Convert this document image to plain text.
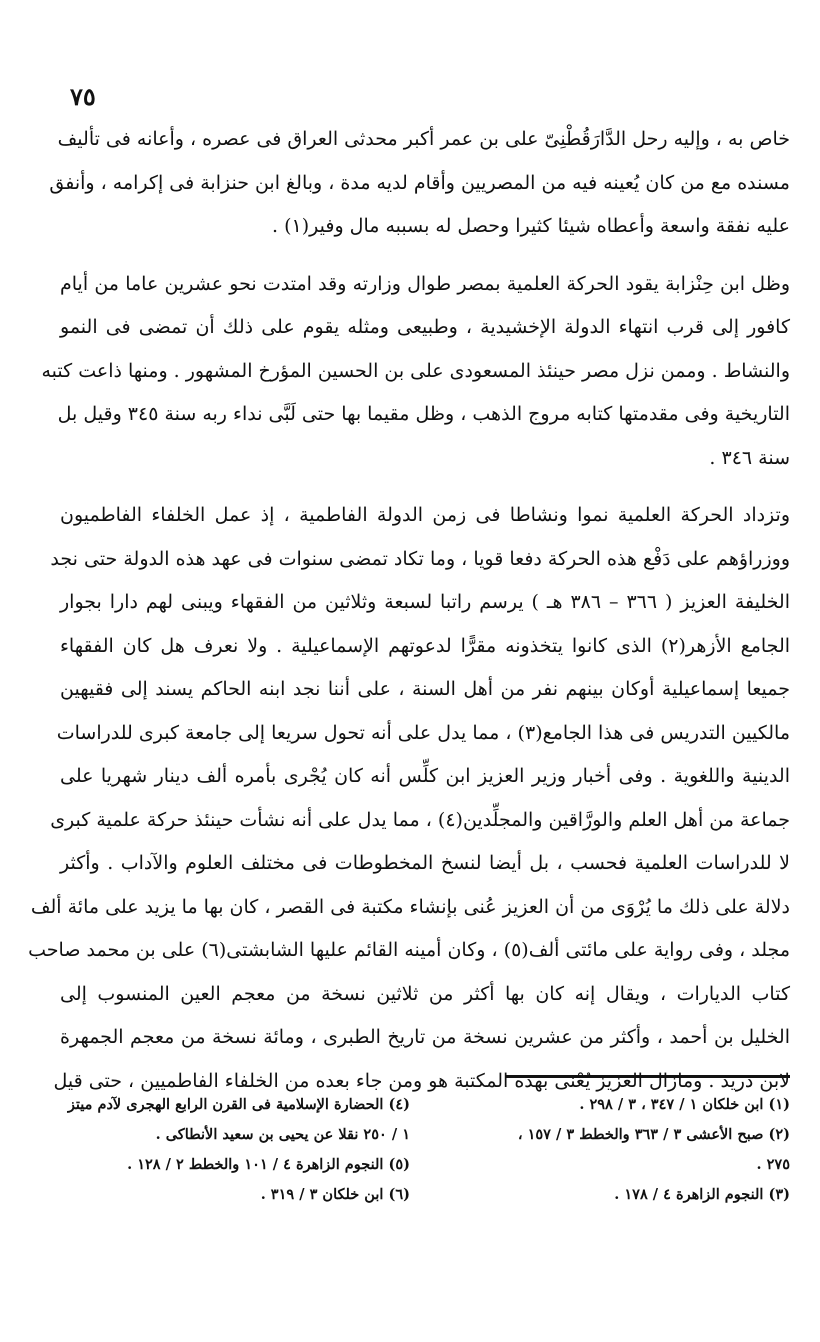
٧٥
خاص به ، وإليه رحل الدَّارَقُطْنِىّ على بن عمر أكبر محدثى العراق فى عصره ، وأعانه فى تأليف
مسنده مع من كان يُعينه فيه من المصريين وأقام لديه مدة ، وبالغ ابن حنزابة فى إكرامه ، وأنفق
عليه نفقة واسعة وأعطاه شيئا كثيرا وحصل له بسببه مال وفير(١) .
وظل ابن حِنْزابة يقود الحركة العلمية بمصر طوال وزارته وقد امتدت نحو عشرين عاما من أيام
كافور إلى قرب انتهاء الدولة الإخشيدية ، وطبيعى ومثله يقوم على ذلك أن تمضى فى النمو
والنشاط . وممن نزل مصر حينئذ المسعودى على بن الحسين المؤرخ المشهور . ومنها ذاعت كتبه
التاريخية وفى مقدمتها كتابه مروج الذهب ، وظل مقيما بها حتى لَبَّى نداء ربه سنة ٣٤٥ وقيل بل
سنة ٣٤٦ .
وتزداد الحركة العلمية نموا ونشاطا فى زمن الدولة الفاطمية ، إذ عمل الخلفاء الفاطميون
ووزراؤهم على دَفْع هذه الحركة دفعا قويا ، وما تكاد تمضى سنوات فى عهد هذه الدولة حتى نجد
الخليفة العزيز ( ٣٦٦ – ٣٨٦ هـ ) يرسم راتبا لسبعة وثلاثين من الفقهاء ويبنى لهم دارا بجوار
الجامع الأزهر(٢) الذى كانوا يتخذونه مقرًّا لدعوتهم الإسماعيلية . ولا نعرف هل كان الفقهاء
جميعا إسماعيلية أوكان بينهم نفر من أهل السنة ، على أننا نجد ابنه الحاكم يسند إلى فقيهين
مالكيين التدريس فى هذا الجامع(٣) ، مما يدل على أنه تحول سريعا إلى جامعة كبرى للدراسات
الدينية واللغوية . وفى أخبار وزير العزيز ابن كلِّس أنه كان يُجْرى بأمره ألف دينار شهريا على
جماعة من أهل العلم والورَّاقين والمجلِّدين(٤) ، مما يدل على أنه نشأت حينئذ حركة علمية كبرى
لا للدراسات العلمية فحسب ، بل أيضا لنسخ المخطوطات فى مختلف العلوم والآداب . وأكثر
دلالة على ذلك ما يُرْوَى من أن العزيز عُنى بإنشاء مكتبة فى القصر ، كان بها ما يزيد على مائة ألف
مجلد ، وفى رواية على مائتى ألف(٥) ، وكان أمينه القائم عليها الشابشتى(٦) على بن محمد صاحب
كتاب الديارات ، ويقال إنه كان بها أكثر من ثلاثين نسخة من معجم العين المنسوب إلى
الخليل بن أحمد ، وأكثر من عشرين نسخة من تاريخ الطبرى ، ومائة نسخة من معجم الجمهرة
لابن دريد . ومازال العزيز يُعْنَى بهذه المكتبة هو ومن جاء بعده من الخلفاء الفاطميين ، حتى قيل
(١) ابن خلكان ١ / ٣٤٧ ، ٣ / ٢٩٨ .
(٢) صبح الأعشى ٣ / ٣٦٣ والخطط ٣ / ١٥٧ ،
٢٧٥ .
(٣) النجوم الزاهرة ٤ / ١٧٨ .
(٤) الحضارة الإسلامية فى القرن الرابع الهجرى لآدم ميتز
١ / ٢٥٠ نقلا عن يحيى بن سعيد الأنطاكى .
(٥) النجوم الزاهرة ٤ / ١٠١ والخطط ٢ / ١٢٨ .
(٦) ابن خلكان ٣ / ٣١٩ .
